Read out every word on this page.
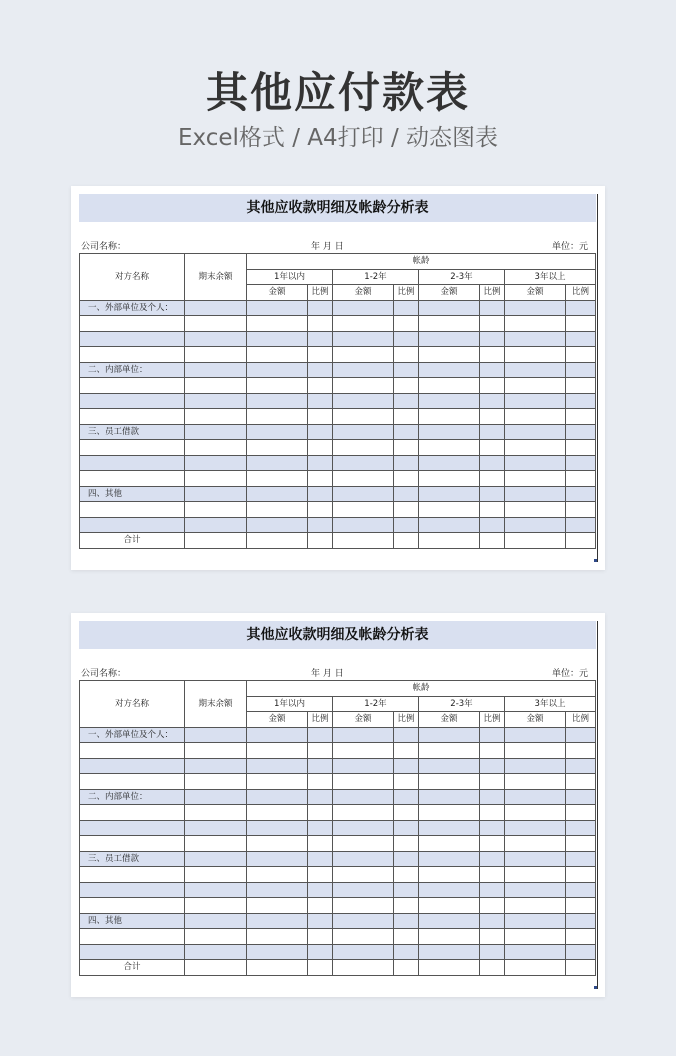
其他应付款表
Excel格式 / A4打印 / 动态图表
其他应收款明细及帐龄分析表
公司名称：	年 月 日	单位：元
对方名称	期末余额	帐龄							
		1年以内		1-2年		2-3年		3年以上	
		金额	比例	金额	比例	金额	比例	金额	比例
一、外部单位及个人：									

二、内部单位：									

三、员工借款									

四、其他									

合计									
其他应收款明细及帐龄分析表
公司名称：	年 月 日	单位：元
对方名称	期末余额	帐龄							
		1年以内		1-2年		2-3年		3年以上	
		金额	比例	金额	比例	金额	比例	金额	比例
一、外部单位及个人：									

二、内部单位：									

三、员工借款									

四、其他									

合计									
